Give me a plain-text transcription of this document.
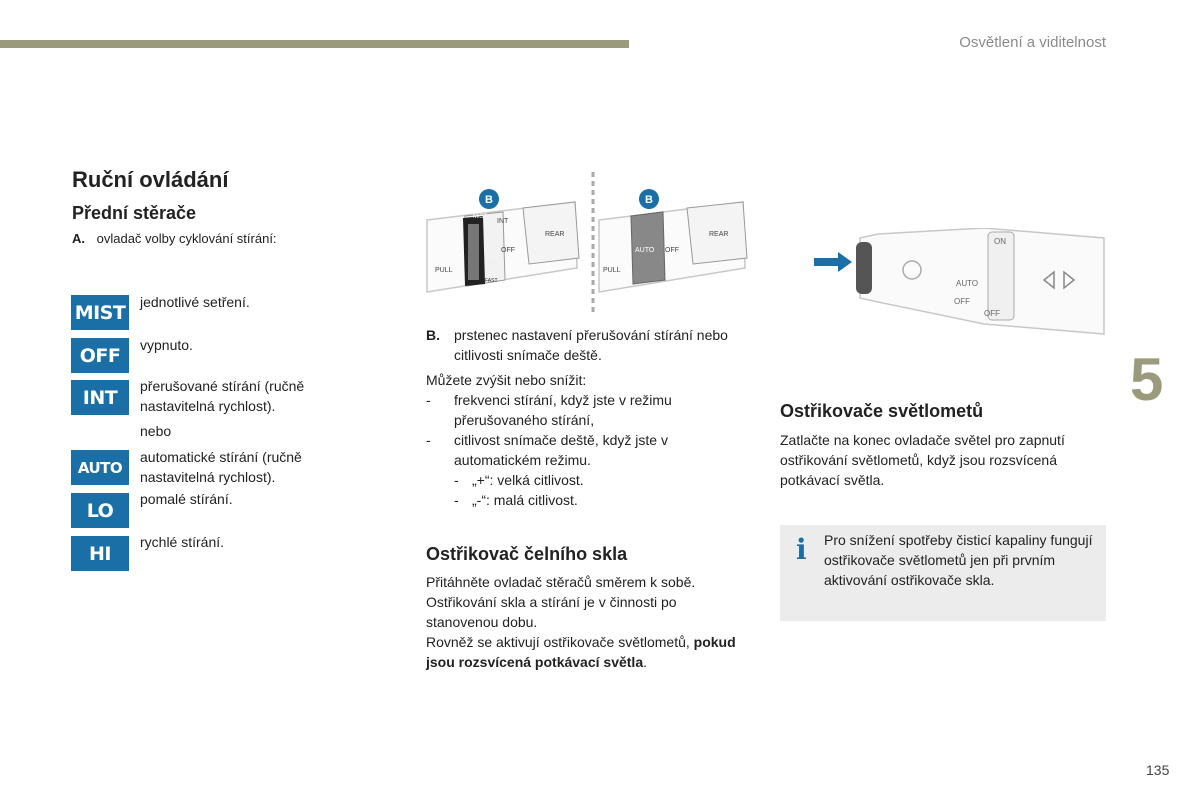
Osvětlení a viditelnost
5
135
Ruční ovládání
Přední stěrače
A. ovladač volby cyklování stírání:
MIST jednotlivé setření.
OFF	vypnuto.
INT
přerušované stírání (ručně nastavitelná rychlost).
nebo
AUTO
automatické stírání (ručně nastavitelná rychlost).
LO
pomalé stírání.
HI
rychlé stírání.
MIST
INT
OFF
PULL
AUTO
FAST
REAR
B
AUTO OFF
PULL
REAR
B
ON
OFF
AUTO
OFF
B. prstenec nastavení přerušování stírání nebo citlivosti snímače deště.
Můžete zvýšit nebo snížit:
- frekvenci stírání, když jste v režimu přerušovaného stírání,
- citlivost snímače deště, když jste v automatickém režimu.
- „+“: velká citlivost.
- „-“: malá citlivost.
Ostřikovač čelního skla
Přitáhněte ovladač stěračů směrem k sobě. Ostřikování skla a stírání je v činnosti po stanovenou dobu.
Rovněž se aktivují ostřikovače světlometů, pokud jsou rozsvícená potkávací světla.
Ostřikovače světlometů
Zatlačte na konec ovladače světel pro zapnutí ostřikování světlometů, když jsou rozsvícená potkávací světla.
i Pro snížení spotřeby čisticí kapaliny fungují ostřikovače světlometů jen při prvním aktivování ostřikovače skla.
